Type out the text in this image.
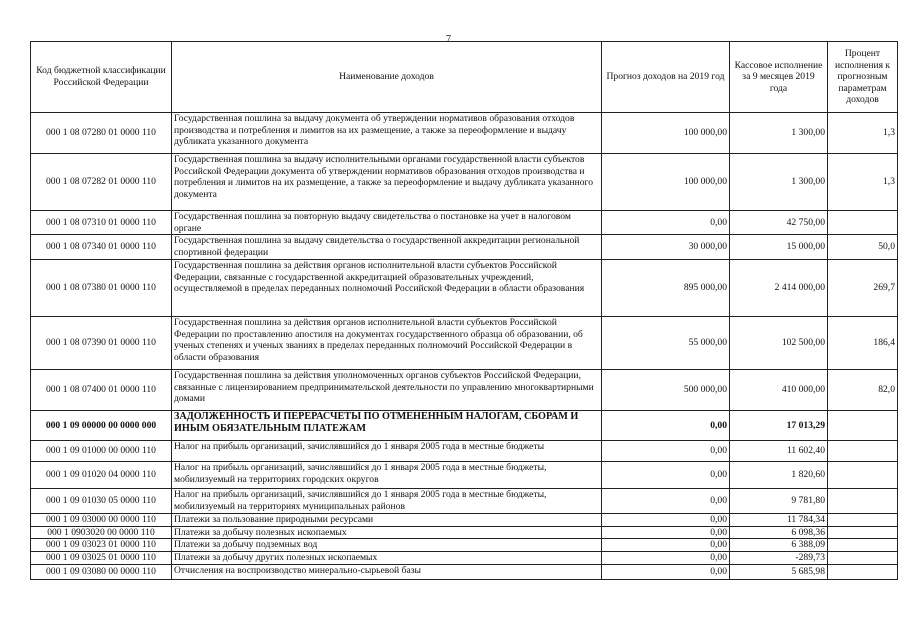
7
Код бюджетной классификации Российской Федерации	Наименование доходов	Прогноз доходов на 2019 год	Кассовое исполнение за 9 месяцев 2019 года	Процент исполнения к прогнозным параметрам доходов
000 1 08 07280 01 0000 110	Государственная пошлина за выдачу документа об утверждении нормативов образования отходов производства и потребления и лимитов на их размещение, а также за переоформление и выдачу дубликата указанного документа	100 000,00	1 300,00	1,3
000 1 08 07282 01 0000 110	Государственная пошлина за выдачу исполнительными органами государственной власти субъектов Российской Федерации документа об утверждении нормативов образования отходов производства и потребления и лимитов на их размещение, а также за переоформление и выдачу дубликата указанного документа	100 000,00	1 300,00	1,3
000 1 08 07310 01 0000 110	Государственная пошлина за повторную выдачу свидетельства о постановке на учет в налоговом органе	0,00	42 750,00	
000 1 08 07340 01 0000 110	Государственная пошлина за выдачу свидетельства о государственной аккредитации региональной спортивной федерации	30 000,00	15 000,00	50,0
000 1 08 07380 01 0000 110	Государственная пошлина за действия органов исполнительной власти субъектов Российской Федерации, связанные с государственной аккредитацией образовательных учреждений, осуществляемой в пределах переданных полномочий Российской Федерации в области образования	895 000,00	2 414 000,00	269,7
000 1 08 07390 01 0000 110	Государственная пошлина за действия органов исполнительной власти субъектов Российской Федерации по проставлению апостиля на документах государственного образца об образовании, об ученых степенях и ученых званиях в пределах переданных полномочий Российской Федерации в области образования	55 000,00	102 500,00	186,4
000 1 08 07400 01 0000 110	Государственная пошлина за действия уполномоченных органов субъектов Российской Федерации, связанные с лицензированием предпринимательской деятельности по управлению многоквартирными домами	500 000,00	410 000,00	82,0
000 1 09 00000 00 0000 000	ЗАДОЛЖЕННОСТЬ И ПЕРЕРАСЧЕТЫ ПО ОТМЕНЕННЫМ НАЛОГАМ, СБОРАМ И ИНЫМ ОБЯЗАТЕЛЬНЫМ ПЛАТЕЖАМ	0,00	17 013,29	
000 1 09 01000 00 0000 110	Налог на прибыль организаций, зачислявшийся до 1 января 2005 года в местные бюджеты	0,00	11 602,40	
000 1 09 01020 04 0000 110	Налог на прибыль организаций, зачислявшийся до 1 января 2005 года в местные бюджеты, мобилизуемый на территориях городских округов	0,00	1 820,60	
000 1 09 01030 05 0000 110	Налог на прибыль организаций, зачислявшийся до 1 января 2005 года в местные бюджеты, мобилизуемый на территориях муниципальных районов	0,00	9 781,80	
000 1 09 03000 00 0000 110	Платежи за пользование природными ресурсами	0,00	11 784,34	
000 1 0903020 00 0000 110	Платежи за добычу полезных ископаемых	0,00	6 098,36	
000 1 09 03023 01 0000 110	Платежи за добычу подземных вод	0,00	6 388,09	
000 1 09 03025 01 0000 110	Платежи за добычу других полезных ископаемых	0,00	-289,73	
000 1 09 03080 00 0000 110	Отчисления на воспроизводство минерально-сырьевой базы	0,00	5 685,98	
